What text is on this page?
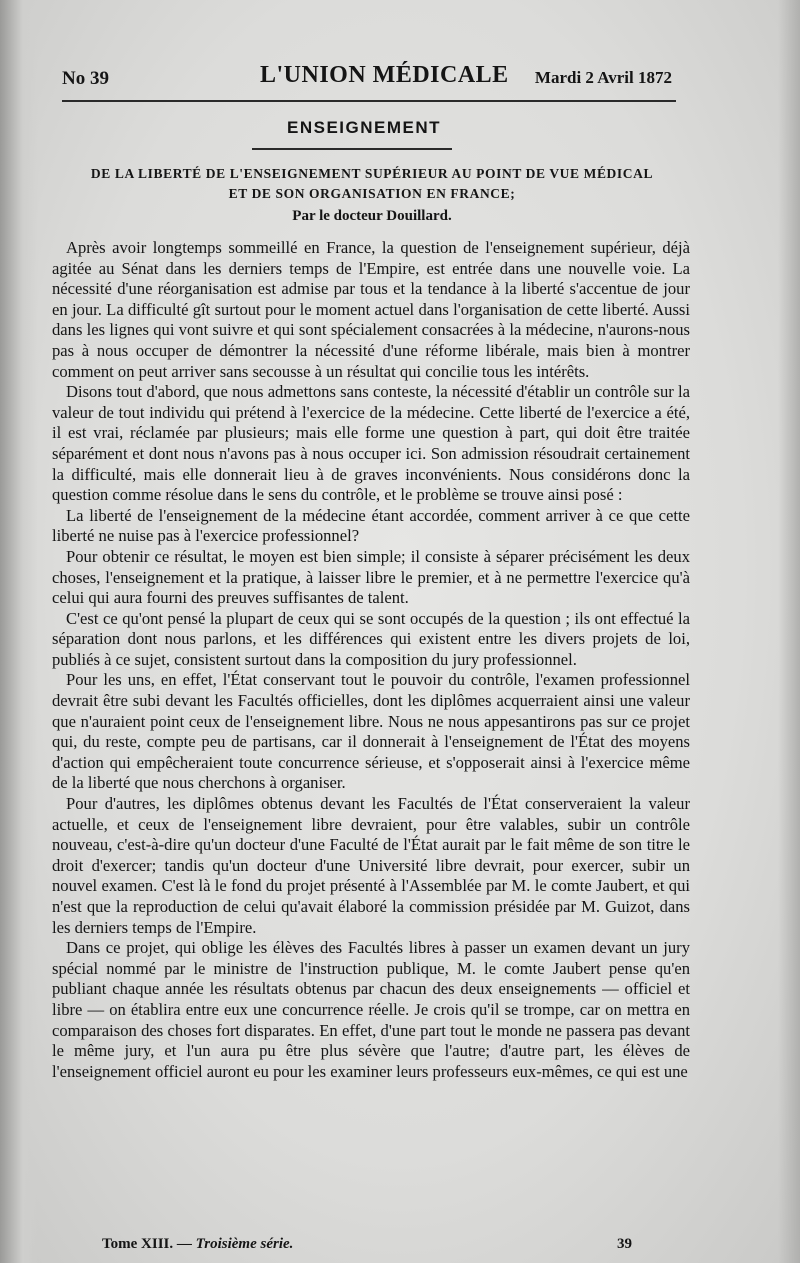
No 39	L'UNION MÉDICALE Mardi 2 Avril 1872
ENSEIGNEMENT
DE LA LIBERTÉ DE L'ENSEIGNEMENT SUPÉRIEUR AU POINT DE VUE MÉDICAL
ET DE SON ORGANISATION EN FRANCE;
Par le docteur Douillard.

Après avoir longtemps sommeillé en France, la question de l'enseignement supérieur, déjà agitée au Sénat dans les derniers temps de l'Empire, est entrée dans une nouvelle voie. La nécessité d'une réorganisation est admise par tous et la tendance à la liberté s'accentue de jour en jour. La difficulté gît surtout pour le moment actuel dans l'organisation de cette liberté. Aussi dans les lignes qui vont suivre et qui sont spécialement consacrées à la médecine, n'aurons-nous pas à nous occuper de démontrer la nécessité d'une réforme libérale, mais bien à montrer comment on peut arriver sans secousse à un résultat qui concilie tous les intérêts.

Disons tout d'abord, que nous admettons sans conteste, la nécessité d'établir un contrôle sur la valeur de tout individu qui prétend à l'exercice de la médecine. Cette liberté de l'exercice a été, il est vrai, réclamée par plusieurs; mais elle forme une question à part, qui doit être traitée séparément et dont nous n'avons pas à nous occuper ici. Son admission résoudrait certainement la difficulté, mais elle donnerait lieu à de graves inconvénients. Nous considérons donc la question comme résolue dans le sens du contrôle, et le problème se trouve ainsi posé :

La liberté de l'enseignement de la médecine étant accordée, comment arriver à ce que cette liberté ne nuise pas à l'exercice professionnel?

Pour obtenir ce résultat, le moyen est bien simple; il consiste à séparer précisément les deux choses, l'enseignement et la pratique, à laisser libre le premier, et à ne permettre l'exercice qu'à celui qui aura fourni des preuves suffisantes de talent.

C'est ce qu'ont pensé la plupart de ceux qui se sont occupés de la question ; ils ont effectué la séparation dont nous parlons, et les différences qui existent entre les divers projets de loi, publiés à ce sujet, consistent surtout dans la composition du jury professionnel.

Pour les uns, en effet, l'État conservant tout le pouvoir du contrôle, l'examen professionnel devrait être subi devant les Facultés officielles, dont les diplômes acquerraient ainsi une valeur que n'auraient point ceux de l'enseignement libre. Nous ne nous appesantirons pas sur ce projet qui, du reste, compte peu de partisans, car il donnerait à l'enseignement de l'État des moyens d'action qui empêcheraient toute concurrence sérieuse, et s'opposerait ainsi à l'exercice même de la liberté que nous cherchons à organiser.

Pour d'autres, les diplômes obtenus devant les Facultés de l'État conserveraient la valeur actuelle, et ceux de l'enseignement libre devraient, pour être valables, subir un contrôle nouveau, c'est-à-dire qu'un docteur d'une Faculté de l'État aurait par le fait même de son titre le droit d'exercer; tandis qu'un docteur d'une Université libre devrait, pour exercer, subir un nouvel examen. C'est là le fond du projet présenté à l'Assemblée par M. le comte Jaubert, et qui n'est que la reproduction de celui qu'avait élaboré la commission présidée par M. Guizot, dans les derniers temps de l'Empire.

Dans ce projet, qui oblige les élèves des Facultés libres à passer un examen devant un jury spécial nommé par le ministre de l'instruction publique, M. le comte Jaubert pense qu'en publiant chaque année les résultats obtenus par chacun des deux enseignements — officiel et libre — on établira entre eux une concurrence réelle. Je crois qu'il se trompe, car on mettra en comparaison des choses fort disparates. En effet, d'une part tout le monde ne passera pas devant le même jury, et l'un aura pu être plus sévère que l'autre; d'autre part, les élèves de l'enseignement officiel auront eu pour les examiner leurs professeurs eux-mêmes, ce qui est une

Tome XIII. — Troisième série.	39
